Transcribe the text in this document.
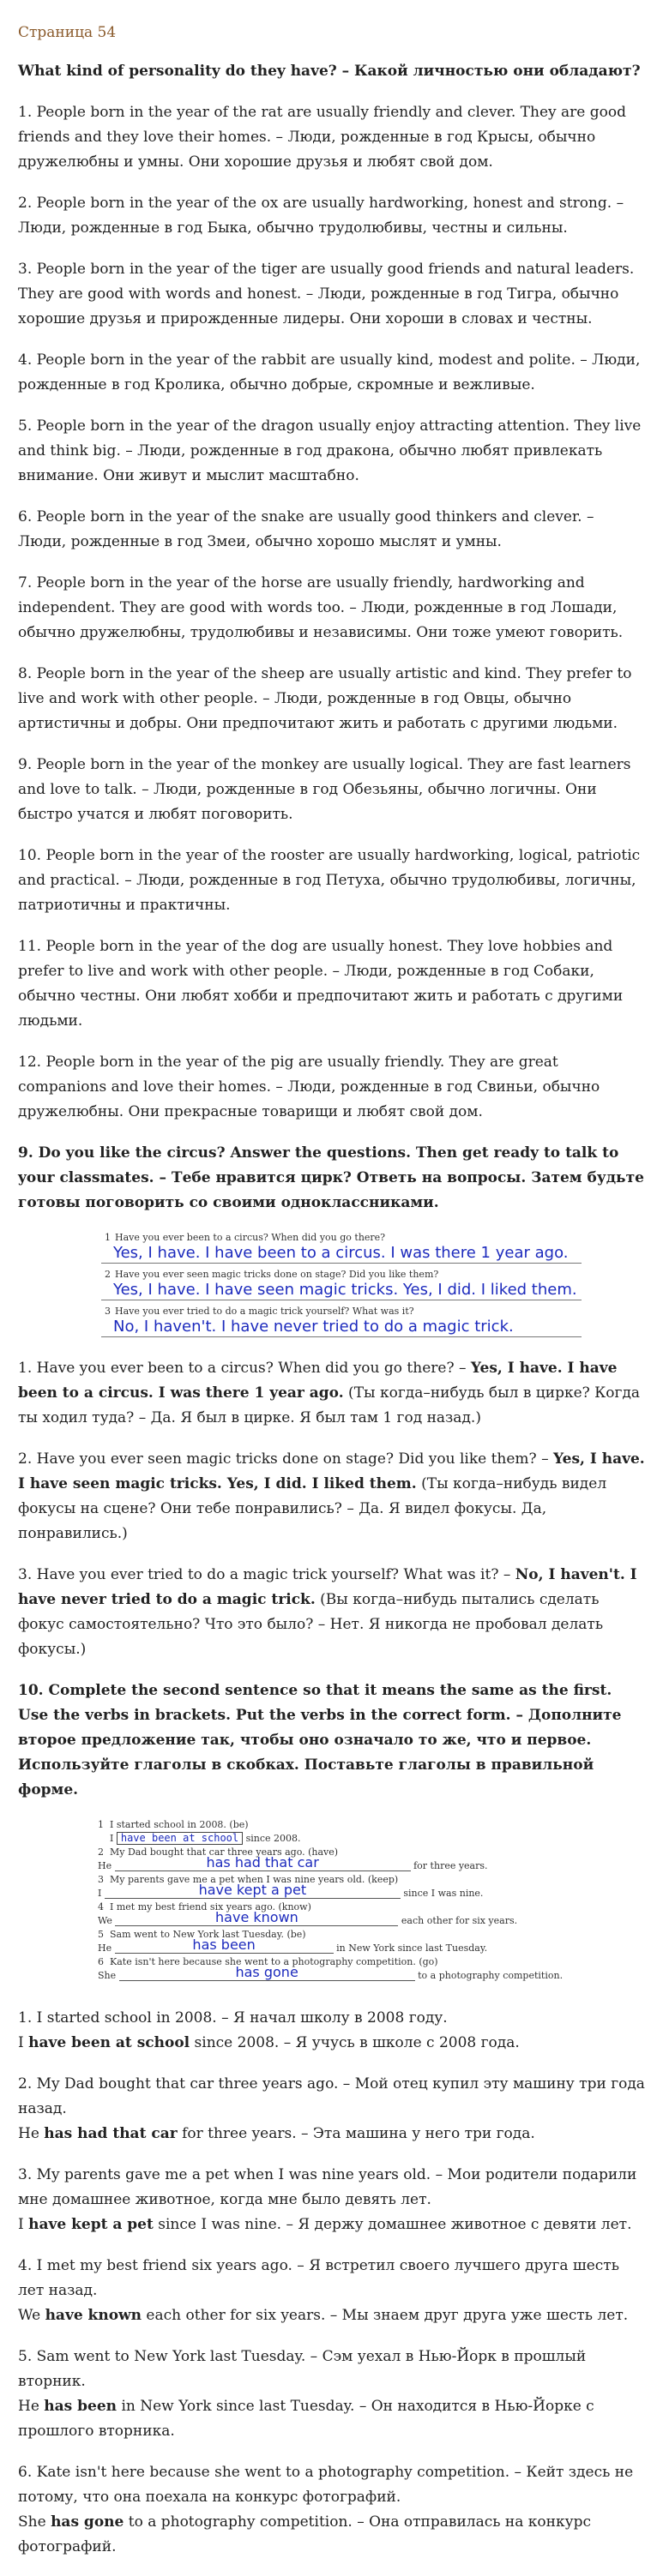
Страница 54

What kind of personality do they have? – Какой личностью они обладают?

1. People born in the year of the rat are usually friendly and clever. They are good friends and they love their homes. – Люди, рожденные в год Крысы, обычно дружелюбны и умны. Они хорошие друзья и любят свой дом.

2. People born in the year of the ox are usually hardworking, honest and strong. – Люди, рожденные в год Быка, обычно трудолюбивы, честны и сильны.

3. People born in the year of the tiger are usually good friends and natural leaders. They are good with words and honest. – Люди, рожденные в год Тигра, обычно хорошие друзья и прирожденные лидеры. Они хороши в словах и честны.

4. People born in the year of the rabbit are usually kind, modest and polite. – Люди, рожденные в год Кролика, обычно добрые, скромные и вежливые.

5. People born in the year of the dragon usually enjoy attracting attention. They live and think big. – Люди, рожденные в год дракона, обычно любят привлекать внимание. Они живут и мыслит масштабно.

6. People born in the year of the snake are usually good thinkers and clever. – Люди, рожденные в год Змеи, обычно хорошо мыслят и умны.

7. People born in the year of the horse are usually friendly, hardworking and independent. They are good with words too. – Люди, рожденные в год Лошади, обычно дружелюбны, трудолюбивы и независимы. Они тоже умеют говорить.

8. People born in the year of the sheep are usually artistic and kind. They prefer to live and work with other people. – Люди, рожденные в год Овцы, обычно артистичны и добры. Они предпочитают жить и работать с другими людьми.

9. People born in the year of the monkey are usually logical. They are fast learners and love to talk. – Люди, рожденные в год Обезьяны, обычно логичны. Они быстро учатся и любят поговорить.

10. People born in the year of the rooster are usually hardworking, logical, patriotic and practical. – Люди, рожденные в год Петуха, обычно трудолюбивы, логичны, патриотичны и практичны.

11. People born in the year of the dog are usually honest. They love hobbies and prefer to live and work with other people. – Люди, рожденные в год Собаки, обычно честны. Они любят хобби и предпочитают жить и работать с другими людьми.

12. People born in the year of the pig are usually friendly. They are great companions and love their homes. – Люди, рожденные в год Свиньи, обычно дружелюбны. Они прекрасные товарищи и любят свой дом.

9. Do you like the circus? Answer the questions. Then get ready to talk to your classmates. – Тебе нравится цирк? Ответь на вопросы. Затем будьте готовы поговорить со своими одноклассниками.

1 Have you ever been to a circus? When did you go there?
Yes, I have. I have been to a circus. I was there 1 year ago.
2 Have you ever seen magic tricks done on stage? Did you like them?
Yes, I have. I have seen magic tricks. Yes, I did. I liked them.
3 Have you ever tried to do a magic trick yourself? What was it?
No, I haven't. I have never tried to do a magic trick.

1. Have you ever been to a circus? When did you go there? – Yes, I have. I have been to a circus. I was there 1 year ago. (Ты когда–нибудь был в цирке? Когда ты ходил туда? – Да. Я был в цирке. Я был там 1 год назад.)

2. Have you ever seen magic tricks done on stage? Did you like them? – Yes, I have. I have seen magic tricks. Yes, I did. I liked them. (Ты когда–нибудь видел фокусы на сцене? Они тебе понравились? – Да. Я видел фокусы. Да, понравились.)

3. Have you ever tried to do a magic trick yourself? What was it? – No, I haven't. I have never tried to do a magic trick. (Вы когда–нибудь пытались сделать фокус самостоятельно? Что это было? – Нет. Я никогда не пробовал делать фокусы.)

10. Complete the second sentence so that it means the same as the first. Use the verbs in brackets. Put the verbs in the correct form. – Дополните второе предложение так, чтобы оно означало то же, что и первое. Используйте глаголы в скобках. Поставьте глаголы в правильной форме.

1 I started school in 2008. (be)
I have been at school since 2008.
2 My Dad bought that car three years ago. (have)
He	has had that car	for three years.
3 My parents gave me a pet when I was nine years old. (keep)
I	have kept a pet	since I was nine.
4 I met my best friend six years ago. (know)
We	have known	each other for six years.
5 Sam went to New York last Tuesday. (be)
He	has been	in New York since last Tuesday.
6 Kate isn't here because she went to a photography competition. (go)
She	has gone	to a photography competition.

1. I started school in 2008. – Я начал школу в 2008 году.
I have been at school since 2008. – Я учусь в школе с 2008 года.

2. My Dad bought that car three years ago. – Мой отец купил эту машину три года назад.
He has had that car for three years. – Эта машина у него три года.

3. My parents gave me a pet when I was nine years old. – Мои родители подарили мне домашнее животное, когда мне было девять лет.
I have kept a pet since I was nine. – Я держу домашнее животное с девяти лет.

4. I met my best friend six years ago. – Я встретил своего лучшего друга шесть лет назад.
We have known each other for six years. – Мы знаем друг друга уже шесть лет.

5. Sam went to New York last Tuesday. – Сэм уехал в Нью-Йорк в прошлый вторник.
He has been in New York since last Tuesday. – Он находится в Нью-Йорке с прошлого вторника.

6. Kate isn't here because she went to a photography competition. – Кейт здесь не потому, что она поехала на конкурс фотографий.
She has gone to a photography competition. – Она отправилась на конкурс фотографий.
